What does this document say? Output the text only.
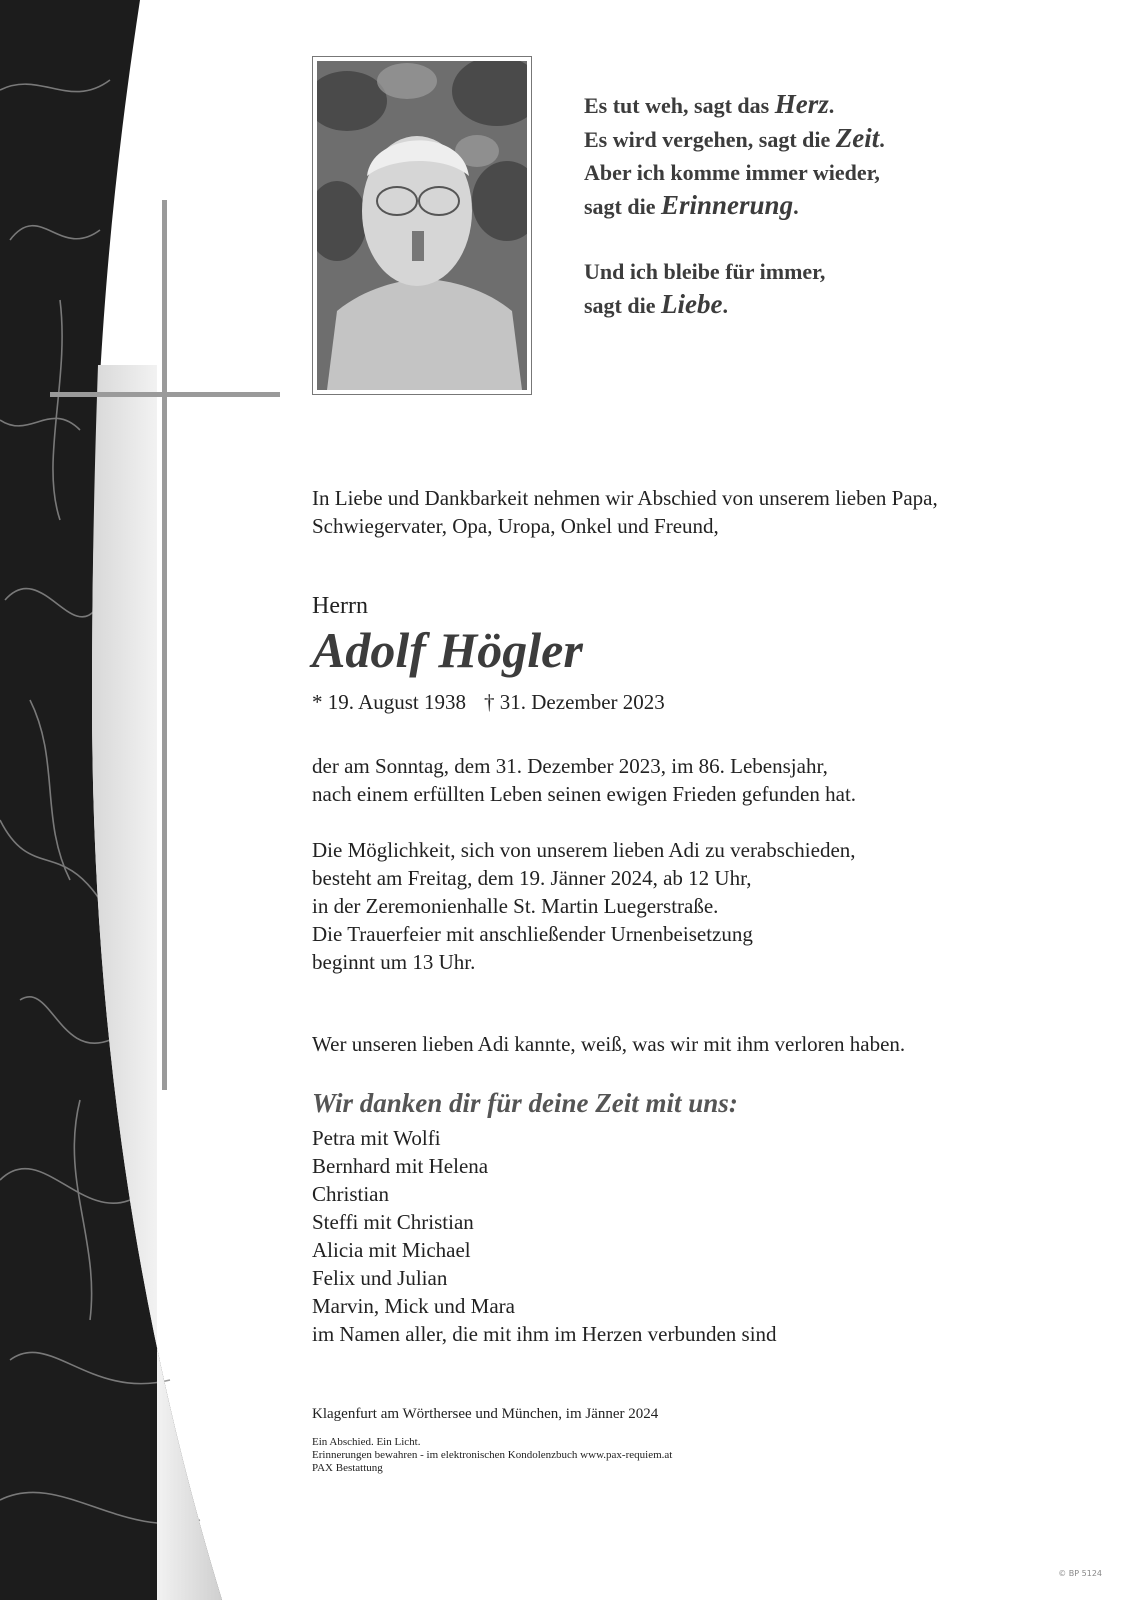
Es tut weh, sagt das Herz.
Es wird vergehen, sagt die Zeit.
Aber ich komme immer wieder,
sagt die Erinnerung.
Und ich bleibe für immer,
sagt die Liebe.
In Liebe und Dankbarkeit nehmen wir Abschied von unserem lieben Papa,
Schwiegervater, Opa, Uropa, Onkel und Freund,
Herrn
Adolf Högler
* 19. August 1938 † 31. Dezember 2023
der am Sonntag, dem 31. Dezember 2023, im 86. Lebensjahr,
nach einem erfüllten Leben seinen ewigen Frieden gefunden hat.
Die Möglichkeit, sich von unserem lieben Adi zu verabschieden,
besteht am Freitag, dem 19. Jänner 2024, ab 12 Uhr,
in der Zeremonienhalle St. Martin Luegerstraße.
Die Trauerfeier mit anschließender Urnenbeisetzung
beginnt um 13 Uhr.
Wer unseren lieben Adi kannte, weiß, was wir mit ihm verloren haben.
Wir danken dir für deine Zeit mit uns:
Petra mit Wolfi
Bernhard mit Helena
Christian
Steffi mit Christian
Alicia mit Michael
Felix und Julian
Marvin, Mick und Mara
im Namen aller, die mit ihm im Herzen verbunden sind
Klagenfurt am Wörthersee und München, im Jänner 2024
Ein Abschied. Ein Licht.
Erinnerungen bewahren - im elektronischen Kondolenzbuch www.pax-requiem.at
PAX Bestattung
© BP 5124
